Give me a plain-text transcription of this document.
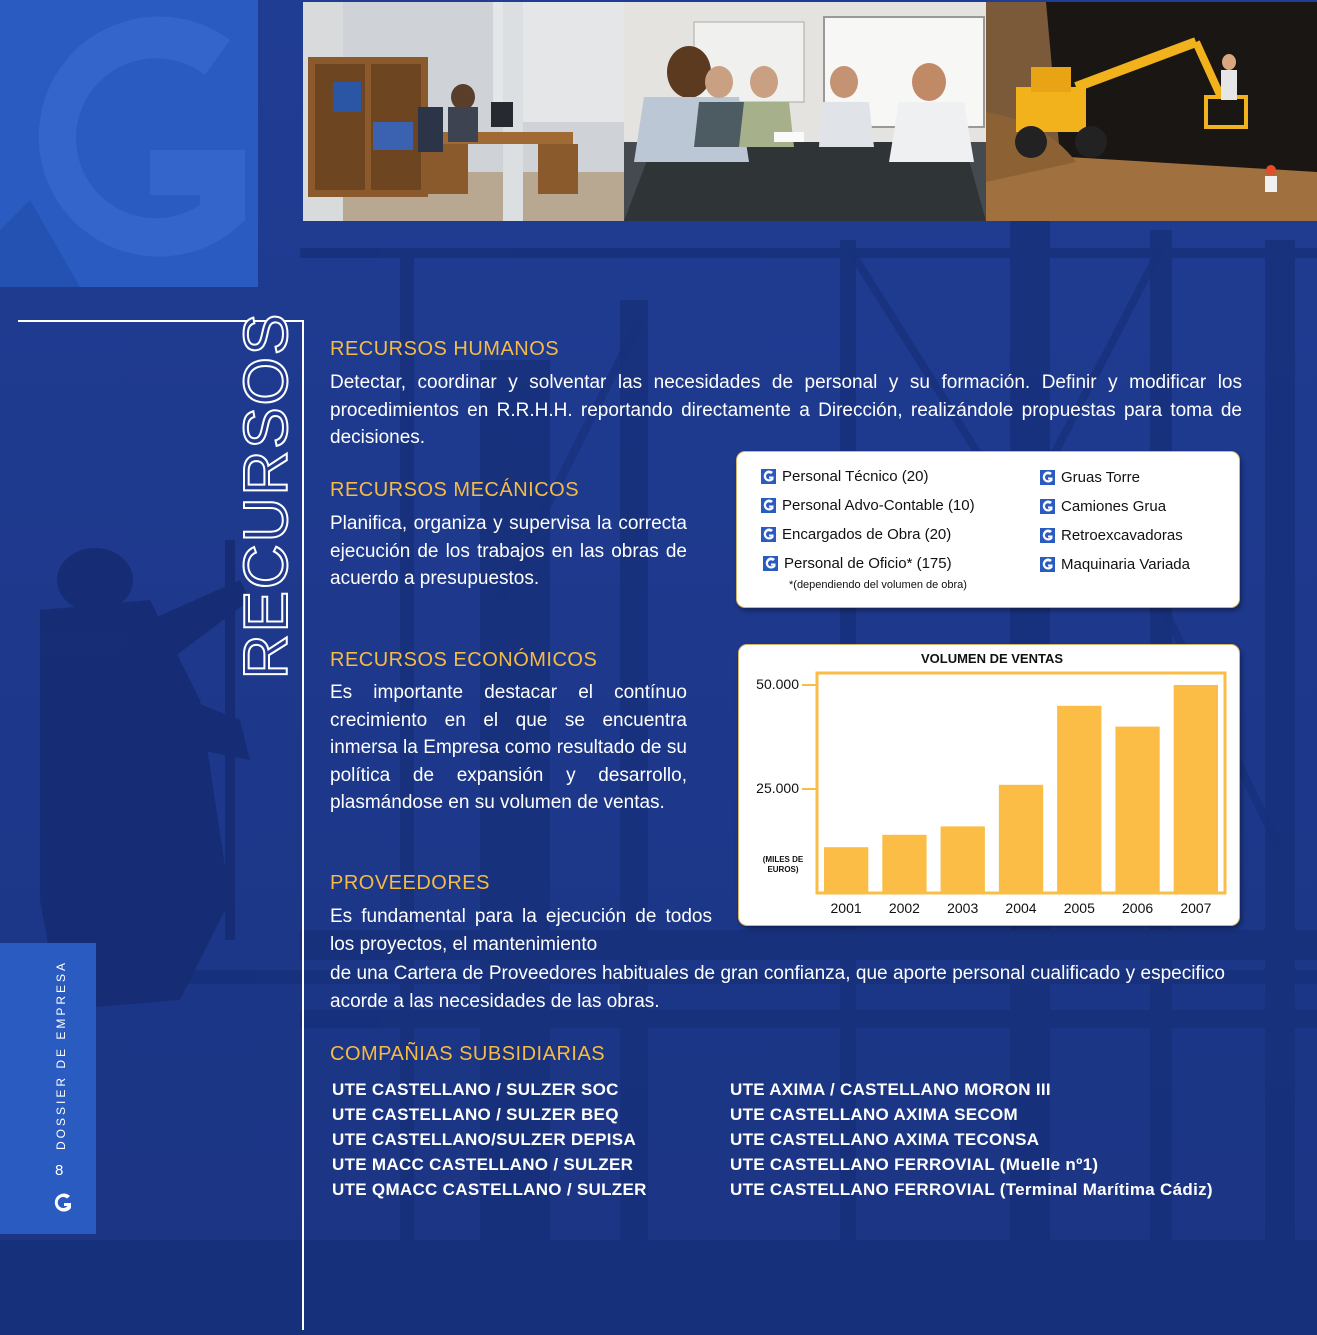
RECURSOS
DOSSIER DE EMPRESA
8
RECURSOS HUMANOS
Detectar, coordinar y solventar las necesidades de personal y su formación. Definir y modificar los procedimientos en R.R.H.H. reportando directamente a Dirección, realizándole propuestas para toma de decisiones.
RECURSOS MECÁNICOS
Planifica, organiza y supervisa la correcta ejecución de los trabajos en las obras de acuerdo a presupuestos.
RECURSOS ECONÓMICOS
Es importante destacar el contínuo crecimiento en el que se encuentra inmersa la Empresa como resultado de su política de expansión y desarrollo, plasmándose en su volumen de ventas.
PROVEEDORES
Es fundamental para la ejecución de todos los proyectos, el mantenimiento
de una Cartera de Proveedores habituales de gran confianza, que aporte personal cualificado y especifico acorde a las necesidades de las obras.
COMPAÑIAS SUBSIDIARIAS
UTE CASTELLANO / SULZER SOC
UTE CASTELLANO / SULZER BEQ
UTE CASTELLANO/SULZER DEPISA
UTE MACC CASTELLANO / SULZER
UTE QMACC CASTELLANO / SULZER
UTE AXIMA / CASTELLANO MORON III
UTE CASTELLANO AXIMA SECOM
UTE CASTELLANO AXIMA TECONSA
UTE CASTELLANO FERROVIAL (Muelle nº1)
UTE CASTELLANO FERROVIAL (Terminal Marítima Cádiz)
Personal Técnico (20)
Personal Advo-Contable (10)
Encargados de Obra (20)
Personal de Oficio* (175)
*(dependiendo del volumen de obra)
Gruas Torre
Camiones Grua
Retroexcavadoras
Maquinaria Variada
VOLUMEN DE VENTAS
(MILES DE
EUROS)
25.000
50.000
2001 2002 2003 2004 2005 2006 2007
